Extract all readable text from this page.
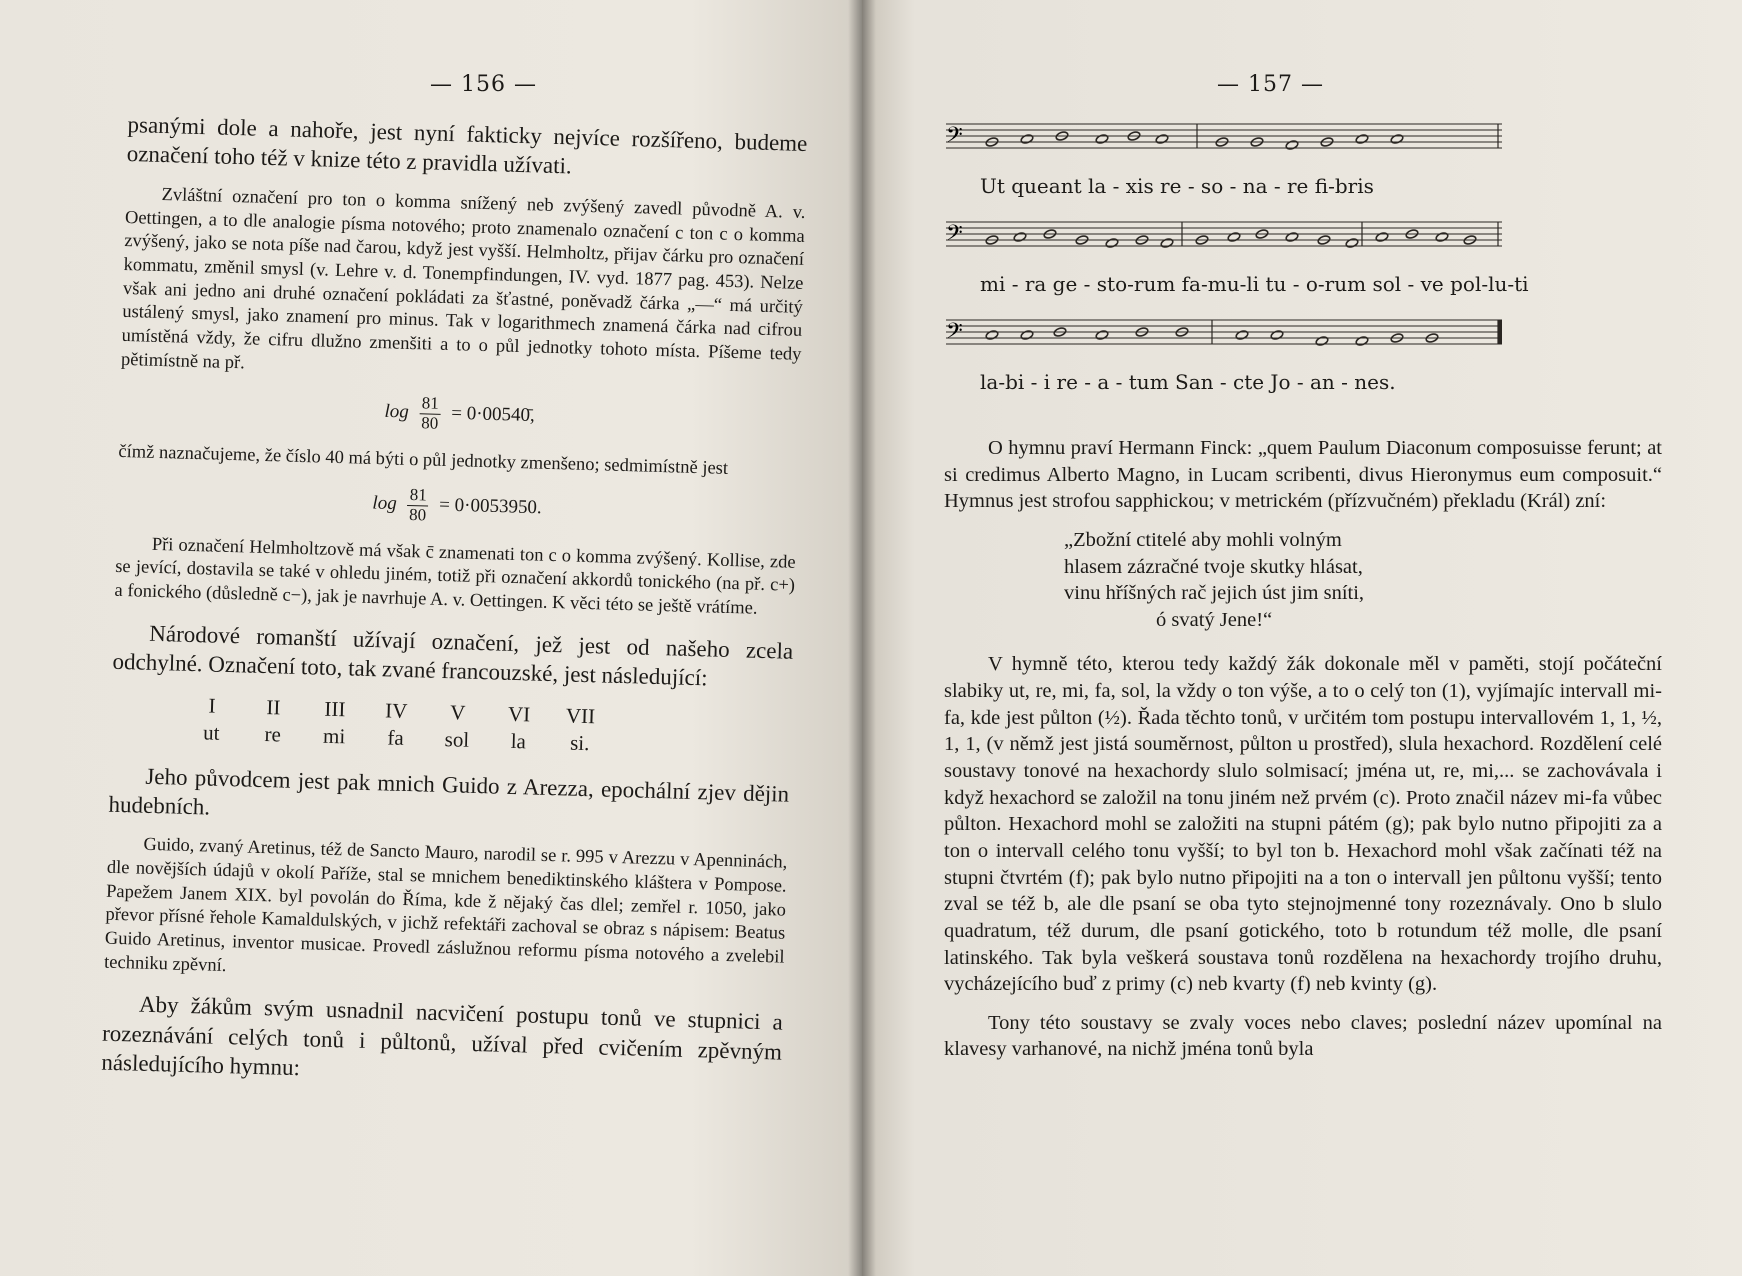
— 156 —

psanými dole a nahoře, jest nyní fakticky nejvíce rozšířeno, budeme označení toho též v knize této z pravidla užívati.

Zvláštní označení pro ton o komma snížený neb zvýšený zavedl původně A. v. Oettingen, a to dle analogie písma notového; proto znamenalo označení c ton c o komma zvýšený, jako se nota píše nad čarou, když jest vyšší. Helmholtz, přijav čárku pro označení kommatu, změnil smysl (v. Lehre v. d. Tonempfindungen, IV. vyd. 1877 pag. 453). Nelze však ani jedno ani druhé označení pokládati za šťastné, poněvadž čárka „—“ má určitý ustálený smysl, jako znamení pro minus. Tak v logarithmech znamená čárka nad cifrou umístěná vždy, že cifru dlužno zmenšiti a to o půl jednotky tohoto místa. Píšeme tedy pětimístně na př.

$\log \frac{81}{80}$ = 0·00540̄,

čímž naznačujeme, že číslo 40 má býti o půl jednotky zmenšeno; sedmimístně jest

$\log \frac{81}{80} = 0\cdot 0053950$.

Při označení Helmholtzově má však c̄ znamenati ton c o komma zvýšený. Kollise, zde se jevící, dostavila se také v ohledu jiném, totiž při označení akkordů tonického (na př. c+) a fonického (důsledně c−), jak je navrhuje A. v. Oettingen. K věci této se ještě vrátíme.

Národové romanští užívají označení, jež jest od našeho zcela odchylné. Označení toto, tak zvané francouzské, jest následující:

I	II	III	IV	V	VI	VII
ut	re	mi	fa	sol	la	si.

Jeho původcem jest pak mnich Guido z Arezza, epochální zjev dějin hudebních.

Guido, zvaný Aretinus, též de Sancto Mauro, narodil se r. 995 v Arezzu v Apenninách, dle novějších údajů v okolí Paříže, stal se mnichem benediktinského kláštera v Pompose. Papežem Janem XIX. byl povolán do Říma, kde ž nějaký čas dlel; zemřel r. 1050, jako převor přísné řehole Kamaldulských, v jichž refektáři zachoval se obraz s nápisem: Beatus Guido Aretinus, inventor musicae. Provedl záslužnou reformu písma notového a zvelebil techniku zpěvní.

Aby žákům svým usnadnil nacvičení postupu tonů ve stupnici a rozeznávání celých tonů i půltonů, užíval před cvičením zpěvným následujícího hymnu:

— 157 —
𝄢
Ut queant la - xis re - so - na - re fi-bris
𝄢
mi - ra ge - sto-rum fa-mu-li tu - o-rum sol - ve pol-lu-ti
𝄢
la-bi - i re - a - tum San - cte Jo - an - nes.

O hymnu praví Hermann Finck: „quem Paulum Diaconum composuisse ferunt; at si credimus Alberto Magno, in Lucam scribenti, divus Hieronymus eum composuit.“ Hymnus jest strofou sapphickou; v metrickém (přízvučném) překladu (Král) zní:

„Zbožní ctitelé aby mohli volným
hlasem zázračné tvoje skutky hlásat,
vinu hříšných rač jejich úst jim sníti,
ó svatý Jene!“

V hymně této, kterou tedy každý žák dokonale měl v paměti, stojí počáteční slabiky ut, re, mi, fa, sol, la vždy o ton výše, a to o celý ton (1), vyjímajíc intervall mi-fa, kde jest půlton (½). Řada těchto tonů, v určitém tom postupu intervallovém 1, 1, ½, 1, 1, (v němž jest jistá souměrnost, půlton u prostřed), slula hexachord. Rozdělení celé soustavy tonové na hexachordy slulo solmisací; jména ut, re, mi,... se zachovávala i když hexachord se založil na tonu jiném než prvém (c). Proto značil název mi-fa vůbec půlton. Hexachord mohl se založiti na stupni pátém (g); pak bylo nutno připojiti za a ton o intervall celého tonu vyšší; to byl ton b. Hexachord mohl však začínati též na stupni čtvrtém (f); pak bylo nutno připojiti na a ton o intervall jen půltonu vyšší; tento zval se též b, ale dle psaní se oba tyto stejnojmenné tony rozeznávaly. Ono b slulo quadratum, též durum, dle psaní gotického, toto b rotundum též molle, dle psaní latinského. Tak byla veškerá soustava tonů rozdělena na hexachordy trojího druhu, vycházejícího buď z primy (c) neb kvarty (f) neb kvinty (g).

Tony této soustavy se zvaly voces nebo claves; poslední název upomínal na klavesy varhanové, na nichž jména tonů byla
